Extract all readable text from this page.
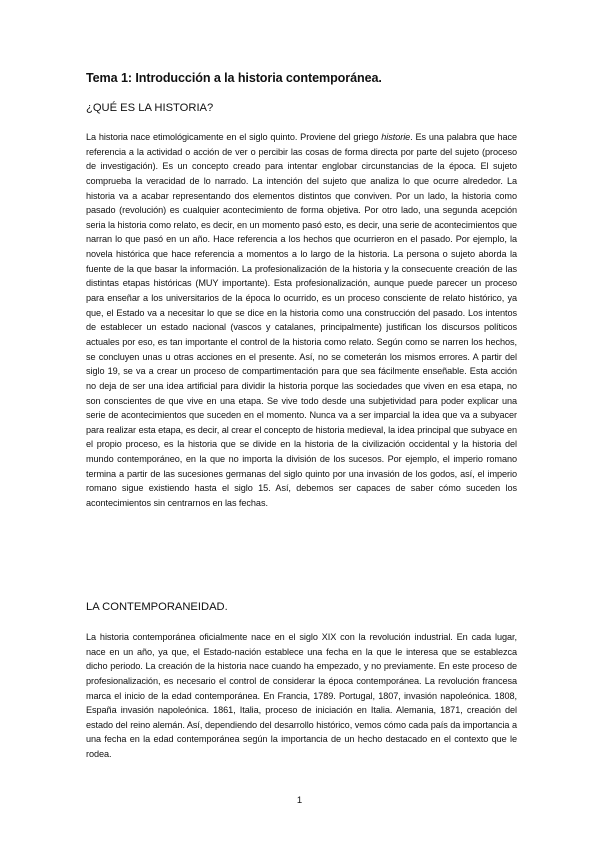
Tema 1: Introducción a la historia contemporánea.
¿QUÉ ES LA HISTORIA?

La historia nace etimológicamente en el siglo quinto. Proviene del griego historie. Es una palabra que hace referencia a la actividad o acción de ver o percibir las cosas de forma directa por parte del sujeto (proceso de investigación). Es un concepto creado para intentar englobar circunstancias de la época. El sujeto comprueba la veracidad de lo narrado. La intención del sujeto que analiza lo que ocurre alrededor. La historia va a acabar representando dos elementos distintos que conviven. Por un lado, la historia como pasado (revolución) es cualquier acontecimiento de forma objetiva. Por otro lado, una segunda acepción seria la historia como relato, es decir, en un momento pasó esto, es decir, una serie de acontecimientos que narran lo que pasó en un año. Hace referencia a los hechos que ocurrieron en el pasado. Por ejemplo, la novela histórica que hace referencia a momentos a lo largo de la historia. La persona o sujeto aborda la fuente de la que basar la información. La profesionalización de la historia y la consecuente creación de las distintas etapas históricas (MUY importante). Esta profesionalización, aunque puede parecer un proceso para enseñar a los universitarios de la época lo ocurrido, es un proceso consciente de relato histórico, ya que, el Estado va a necesitar lo que se dice en la historia como una construcción del pasado. Los intentos de establecer un estado nacional (vascos y catalanes, principalmente) justifican los discursos políticos actuales por eso, es tan importante el control de la historia como relato. Según como se narren los hechos, se concluyen unas u otras acciones en el presente. Así, no se cometerán los mismos errores. A partir del siglo 19, se va a crear un proceso de compartimentación para que sea fácilmente enseñable. Esta acción no deja de ser una idea artificial para dividir la historia porque las sociedades que viven en esa etapa, no son conscientes de que vive en una etapa. Se vive todo desde una subjetividad para poder explicar una serie de acontecimientos que suceden en el momento. Nunca va a ser imparcial la idea que va a subyacer para realizar esta etapa, es decir, al crear el concepto de historia medieval, la idea principal que subyace en el propio proceso, es la historia que se divide en la historia de la civilización occidental y la historia del mundo contemporáneo, en la que no importa la división de los sucesos. Por ejemplo, el imperio romano termina a partir de las sucesiones germanas del siglo quinto por una invasión de los godos, así, el imperio romano sigue existiendo hasta el siglo 15. Así, debemos ser capaces de saber cómo suceden los acontecimientos sin centrarnos en las fechas.

LA CONTEMPORANEIDAD.

La historia contemporánea oficialmente nace en el siglo XIX con la revolución industrial. En cada lugar, nace en un año, ya que, el Estado-nación establece una fecha en la que le interesa que se establezca dicho periodo. La creación de la historia nace cuando ha empezado, y no previamente. En este proceso de profesionalización, es necesario el control de considerar la época contemporánea. La revolución francesa marca el inicio de la edad contemporánea. En Francia, 1789. Portugal, 1807, invasión napoleónica. 1808, España invasión napoleónica. 1861, Italia, proceso de iniciación en Italia. Alemania, 1871, creación del estado del reino alemán. Así, dependiendo del desarrollo histórico, vemos cómo cada país da importancia a una fecha en la edad contemporánea según la importancia de un hecho destacado en el contexto que le rodea.

1
